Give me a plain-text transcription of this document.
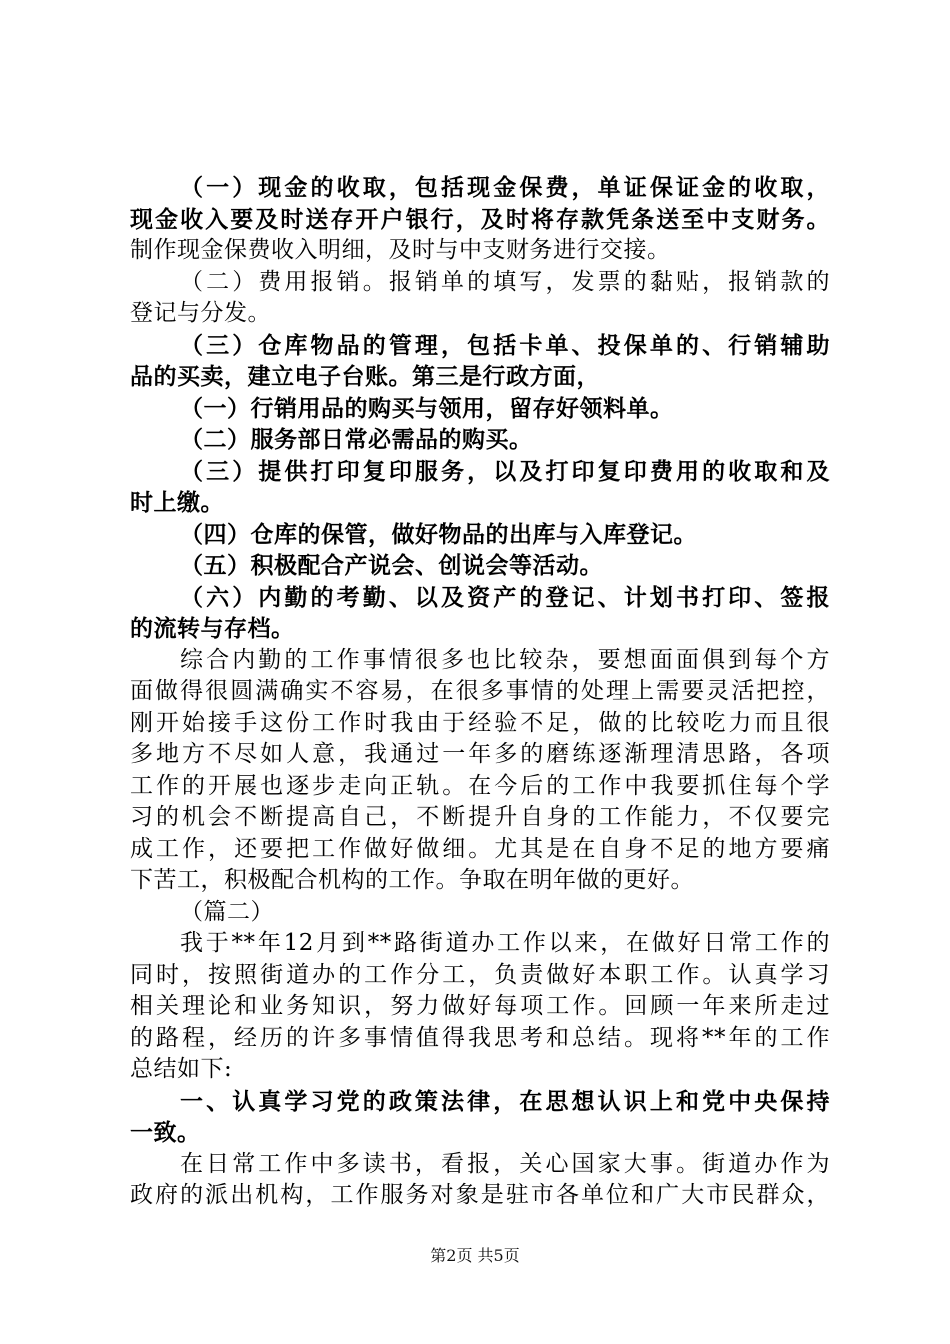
（一）现金的收取，包括现金保费，单证保证金的收取，
现金收入要及时送存开户银行，及时将存款凭条送至中支财务。
制作现金保费收入明细，及时与中支财务进行交接。
（二）费用报销。报销单的填写，发票的黏贴，报销款的
登记与分发。
（三）仓库物品的管理，包括卡单、投保单的、行销辅助
品的买卖，建立电子台账。第三是行政方面，
（一）行销用品的购买与领用，留存好领料单。
（二）服务部日常必需品的购买。
（三）提供打印复印服务，以及打印复印费用的收取和及
时上缴。
（四）仓库的保管，做好物品的出库与入库登记。
（五）积极配合产说会、创说会等活动。
（六）内勤的考勤、以及资产的登记、计划书打印、签报
的流转与存档。
综合内勤的工作事情很多也比较杂，要想面面俱到每个方
面做得很圆满确实不容易，在很多事情的处理上需要灵活把控，
刚开始接手这份工作时我由于经验不足，做的比较吃力而且很
多地方不尽如人意，我通过一年多的磨练逐渐理清思路，各项
工作的开展也逐步走向正轨。在今后的工作中我要抓住每个学
习的机会不断提高自己，不断提升自身的工作能力，不仅要完
成工作，还要把工作做好做细。尤其是在自身不足的地方要痛
下苦工，积极配合机构的工作。争取在明年做的更好。
（篇二）
我于**年12月到**路街道办工作以来，在做好日常工作的
同时，按照街道办的工作分工，负责做好本职工作。认真学习
相关理论和业务知识，努力做好每项工作。回顾一年来所走过
的路程，经历的许多事情值得我思考和总结。现将**年的工作
总结如下:
一、认真学习党的政策法律，在思想认识上和党中央保持
一致。
在日常工作中多读书，看报，关心国家大事。街道办作为
政府的派出机构，工作服务对象是驻市各单位和广大市民群众，
第2页 共5页
